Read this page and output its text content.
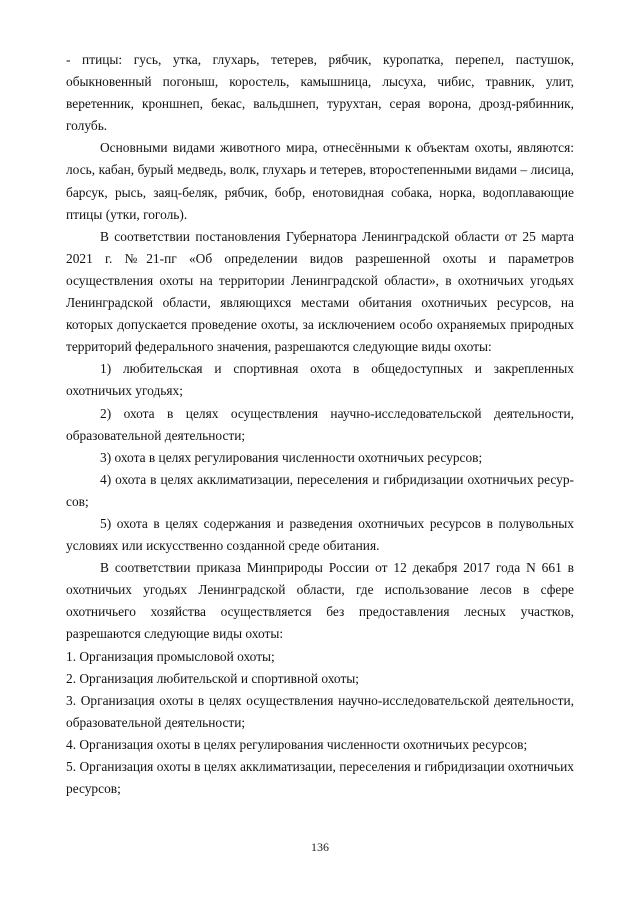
- птицы: гусь, утка, глухарь, тетерев, рябчик, куропатка, перепел, пастушок, обыкновенный погоныш, коростель, камышница, лысуха, чибис, травник, улит, веретенник, кроншнеп, бекас, вальдшнеп, турухтан, серая ворона, дрозд-рябинник, голубь.

Основными видами животного мира, отнесёнными к объектам охоты, являются: лось, кабан, бурый медведь, волк, глухарь и тетерев, второстепенными видами – лисица, барсук, рысь, заяц-беляк, рябчик, бобр, енотовидная собака, норка, водоплавающие птицы (утки, гоголь).

В соответствии постановления Губернатора Ленинградской области от 25 марта 2021 г. №21-пг «Об определении видов разрешенной охоты и параметров осуществления охоты на территории Ленинградской области», в охотничьих угодьях Ленинградской области, являющихся местами обитания охотничьих ресурсов, на которых допускается проведение охоты, за исключением особо охраняемых природных территорий федерального значения, разрешаются следующие виды охоты:

1) любительская и спортивная охота в общедоступных и закрепленных охотничьих угодьях;

2) охота в целях осуществления научно-исследовательской деятельности, образовательной деятельности;

3) охота в целях регулирования численности охотничьих ресурсов;

4) охота в целях акклиматизации, переселения и гибридизации охотничьих ресурсов;

5) охота в целях содержания и разведения охотничьих ресурсов в полувольных условиях или искусственно созданной среде обитания.

В соответствии приказа Минприроды России от 12 декабря 2017 года N 661 в охотничьих угодьях Ленинградской области, где использование лесов в сфере охотничьего хозяйства осуществляется без предоставления лесных участков, разрешаются следующие виды охоты:

1. Организация промысловой охоты;

2. Организация любительской и спортивной охоты;

3. Организация охоты в целях осуществления научно-исследовательской деятельности, образовательной деятельности;

4. Организация охоты в целях регулирования численности охотничьих ресурсов;

5. Организация охоты в целях акклиматизации, переселения и гибридизации охотничьих ресурсов;

136
